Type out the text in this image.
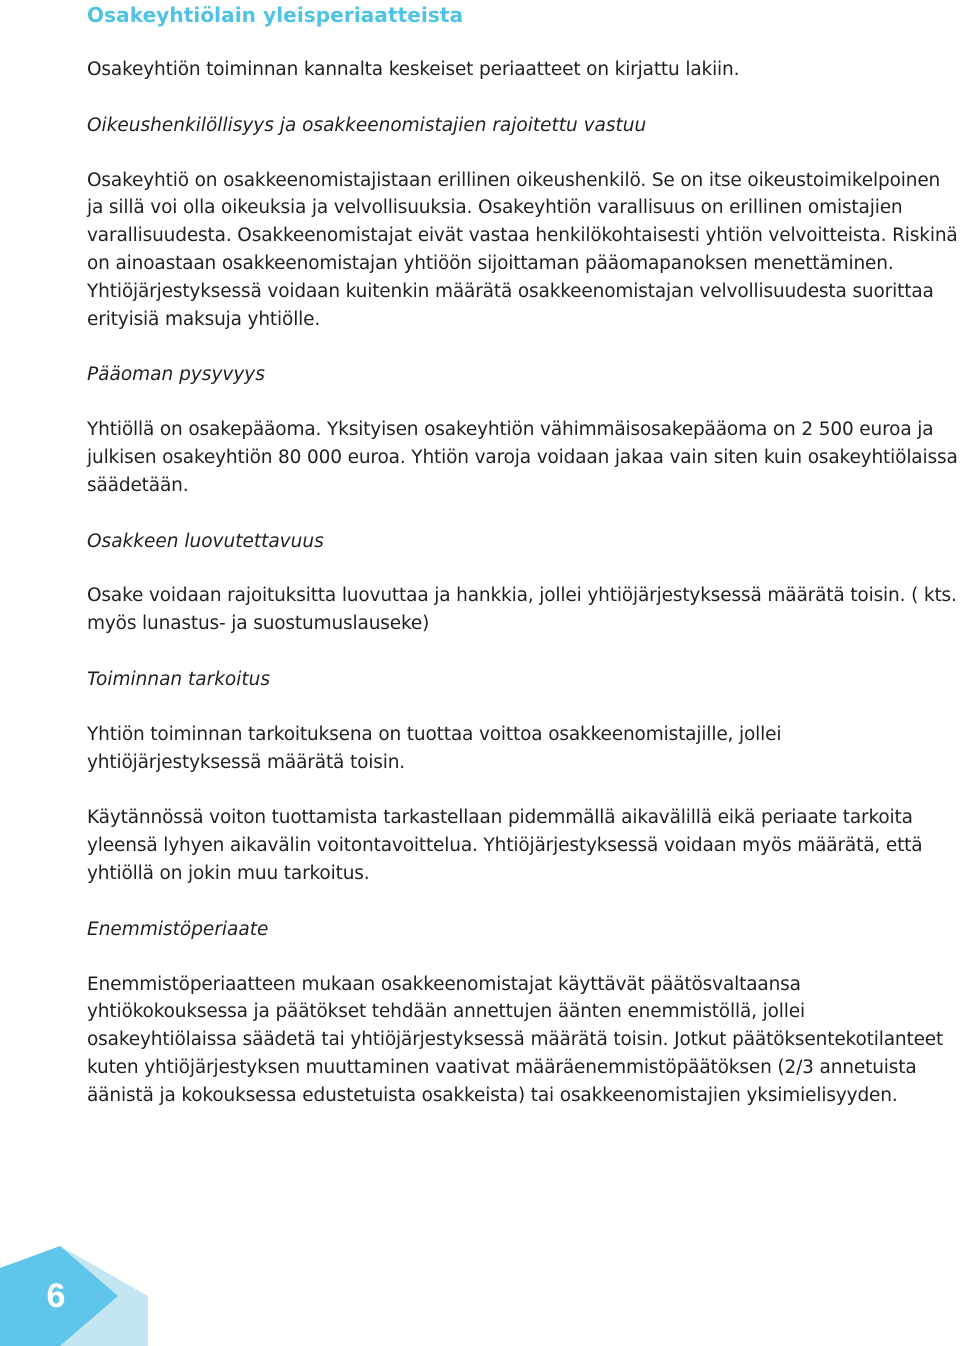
Osakeyhtiölain yleisperiaatteista

Osakeyhtiön toiminnan kannalta keskeiset periaatteet on kirjattu lakiin.

Oikeushenkilöllisyys ja osakkeenomistajien rajoitettu vastuu

Osakeyhtiö on osakkeenomistajistaan erillinen oikeushenkilö. Se on itse oikeustoimikelpoinen ja sillä voi olla oikeuksia ja velvollisuuksia. Osakeyhtiön varallisuus on erillinen omistajien varallisuudesta. Osakkeenomistajat eivät vastaa henkilökohtaisesti yhtiön velvoitteista. Riskinä on ainoastaan osakkeenomistajan yhtiöön sijoittaman pääomapanoksen menettäminen. Yhtiöjärjestyksessä voidaan kuitenkin määrätä osakkeenomistajan velvollisuudesta suorittaa erityisiä maksuja yhtiölle.

Pääoman pysyvyys

Yhtiöllä on osakepääoma. Yksityisen osakeyhtiön vähimmäisosakepääoma on 2 500 euroa ja julkisen osakeyhtiön 80 000 euroa. Yhtiön varoja voidaan jakaa vain siten kuin osakeyhtiölaissa säädetään.

Osakkeen luovutettavuus

Osake voidaan rajoituksitta luovuttaa ja hankkia, jollei yhtiöjärjestyksessä määrätä toisin. ( kts. myös lunastus- ja suostumuslauseke)

Toiminnan tarkoitus

Yhtiön toiminnan tarkoituksena on tuottaa voittoa osakkeenomistajille, jollei yhtiöjärjestyksessä määrätä toisin.

Käytännössä voiton tuottamista tarkastellaan pidemmällä aikavälillä eikä periaate tarkoita yleensä lyhyen aikavälin voitontavoittelua. Yhtiöjärjestyksessä voidaan myös määrätä, että yhtiöllä on jokin muu tarkoitus.

Enemmistöperiaate

Enemmistöperiaatteen mukaan osakkeenomistajat käyttävät päätösvaltaansa yhtiökokouksessa ja päätökset tehdään annettujen äänten enemmistöllä, jollei osakeyhtiölaissa säädetä tai yhtiöjärjestyksessä määrätä toisin. Jotkut päätöksentekotilanteet kuten yhtiöjärjestyksen muuttaminen vaativat määräenemmistöpäätöksen (2/3 annetuista äänistä ja kokouksessa edustetuista osakkeista) tai osakkeenomistajien yksimielisyyden.

6
